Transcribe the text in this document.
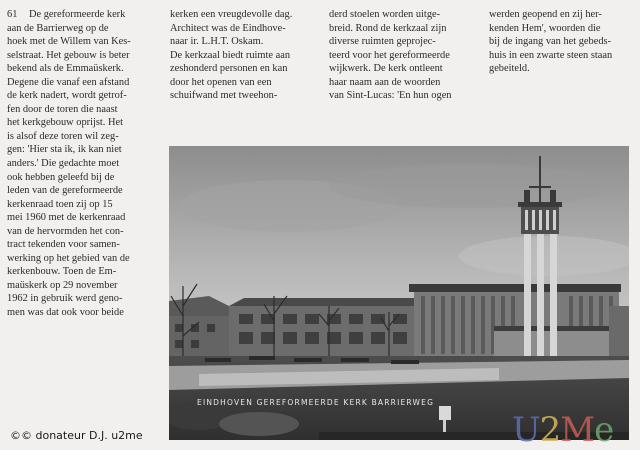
61 De gereformeerde kerk
aan de Barrierweg op de
hoek met de Willem van Kes-
selstraat. Het gebouw is beter
bekend als de Emmaüskerk.
Degene die vanaf een afstand
de kerk nadert, wordt getrof-
fen door de toren die naast
het kerkgebouw oprijst. Het
is alsof deze toren wil zeg-
gen: 'Hier sta ik, ik kan niet
anders.' Die gedachte moet
ook hebben geleefd bij de
leden van de gereformeerde
kerkenraad toen zij op 15
mei 1960 met de kerkenraad
van de hervormden het con-
tract tekenden voor samen-
werking op het gebied van de
kerkenbouw. Toen de Em-
maüskerk op 29 november
1962 in gebruik werd geno-
men was dat ook voor beide
kerken een vreugdevolle dag.
Architect was de Eindhove-
naar ir. L.H.T. Oskam.
De kerkzaal biedt ruimte aan
zeshonderd personen en kan
door het openen van een
schuifwand met tweehon-
derd stoelen worden uitge-
breid. Rond de kerkzaal zijn
diverse ruimten geprojec-
teerd voor het gereformeerde
wijkwerk. De kerk ontleent
haar naam aan de woorden
van Sint-Lucas: 'En hun ogen
werden geopend en zij her-
kenden Hem', woorden die
bij de ingang van het gebeds-
huis in een zwarte steen staan
gebeiteld.
EINDHOVEN GEREFORMEERDE KERK BARRIERWEG
U2Me
©© donateur D.J. u2me
